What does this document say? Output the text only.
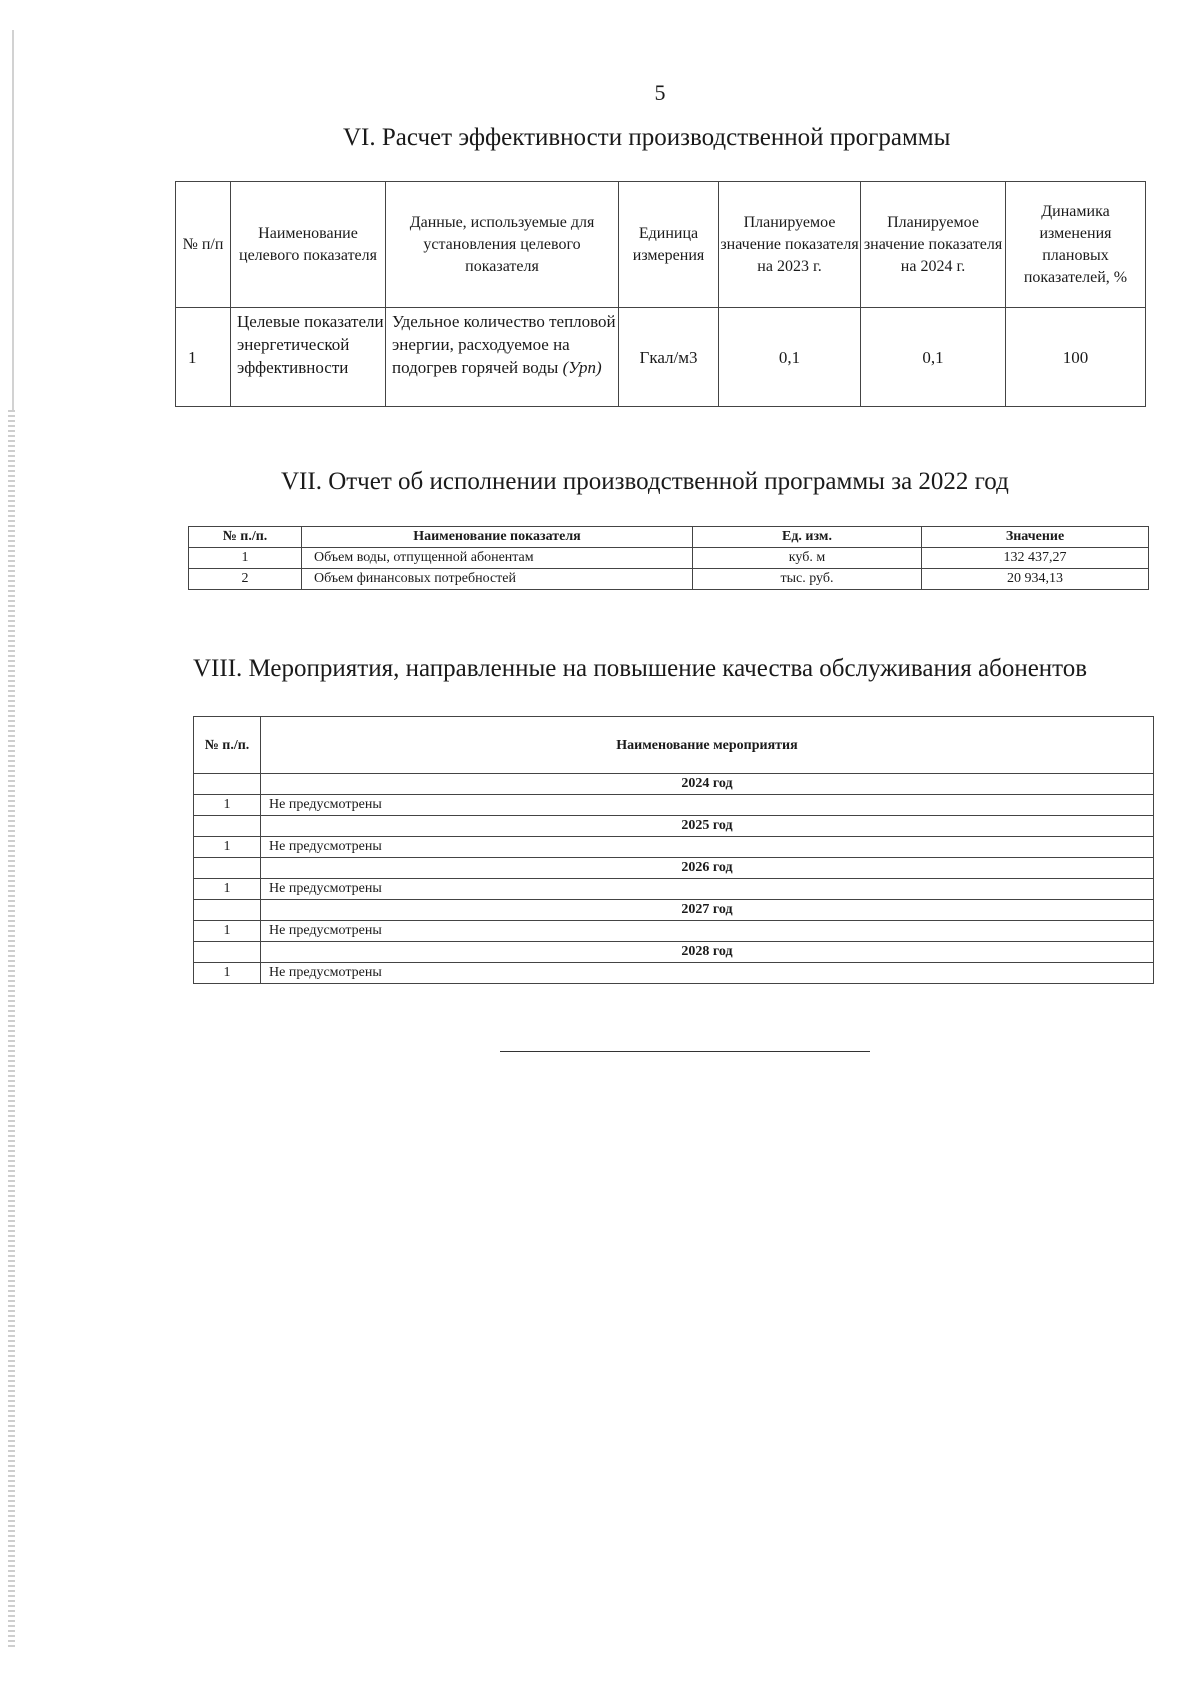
5
VI. Расчет эффективности производственной программы
№ п/п	Наименование целевого показателя	Данные, используемые для установления целевого показателя	Единица измерения	Планируемое значение показателя на 2023 г.	Планируемое значение показателя на 2024 г.	Динамика изменения плановых показателей, %
1	Целевые показатели энергетической эффективности	Удельное количество тепловой энергии, расходуемое на подогрев горячей воды (Урп)	Гкал/м3	0,1	0,1	100
VII. Отчет об исполнении производственной программы за 2022 год
№ п./п.	Наименование показателя	Ед. изм.	Значение
1	Объем воды, отпущенной абонентам	куб. м	132 437,27
2	Объем финансовых потребностей	тыс. руб.	20 934,13
VIII. Мероприятия, направленные на повышение качества обслуживания абонентов
№ п./п.	Наименование мероприятия
	2024 год
1	Не предусмотрены
	2025 год
1	Не предусмотрены
	2026 год
1	Не предусмотрены
	2027 год
1	Не предусмотрены
	2028 год
1	Не предусмотрены
